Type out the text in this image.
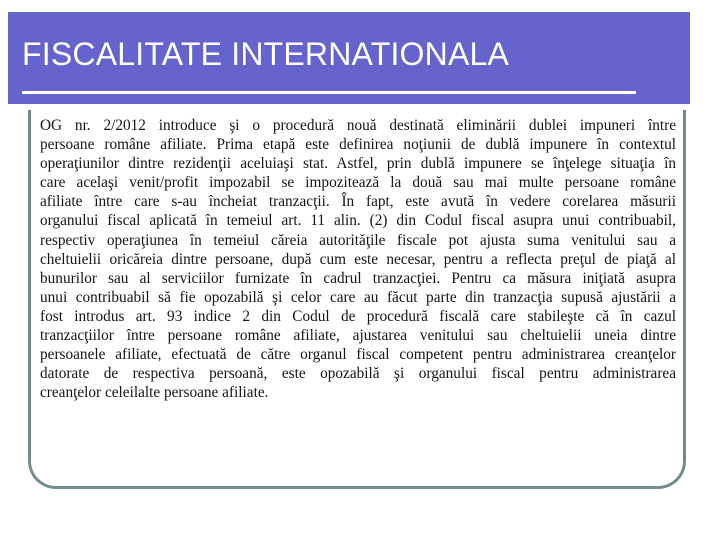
FISCALITATE INTERNATIONALA
OG nr. 2/2012 introduce şi o procedură nouă destinată eliminării dublei impuneri între
persoane române afiliate. Prima etapă este definirea noţiunii de dublă impunere în contextul
operaţiunilor dintre rezidenţii aceluiaşi stat. Astfel, prin dublă impunere se înţelege situaţia în
care acelaşi venit/profit impozabil se impozitează la două sau mai multe persoane române
afiliate între care s-au încheiat tranzacţii. În fapt, este avută în vedere corelarea măsurii
organului fiscal aplicată în temeiul art. 11 alin. (2) din Codul fiscal asupra unui contribuabil,
respectiv operaţiunea în temeiul căreia autorităţile fiscale pot ajusta suma venitului sau a
cheltuielii oricăreia dintre persoane, după cum este necesar, pentru a reflecta preţul de piaţă al
bunurilor sau al serviciilor furnizate în cadrul tranzacţiei. Pentru ca măsura iniţiată asupra
unui contribuabil să fie opozabilă şi celor care au făcut parte din tranzacţia supusă ajustării a
fost introdus art. 93 indice 2 din Codul de procedură fiscală care stabileşte că în cazul
tranzacţiilor între persoane române afiliate, ajustarea venitului sau cheltuielii uneia dintre
persoanele afiliate, efectuată de către organul fiscal competent pentru administrarea creanţelor
datorate de respectiva persoană, este opozabilă şi organului fiscal pentru administrarea
creanţelor celeilalte persoane afiliate.
